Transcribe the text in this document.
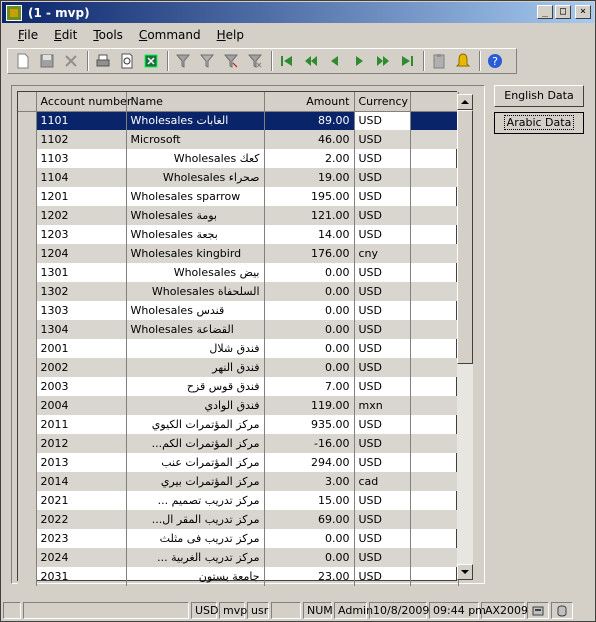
(1 - mvp)	_	□	×
File	Edit	Tools	Command	Help
?
	Account number	Name	Amount	Currency	
	1101	Wholesales الغابات	89.00	USD	
	1102	Microsoft	46.00	USD	
	1103	كعك Wholesales	2.00	USD	
	1104	صحراء Wholesales	19.00	USD	
	1201	Wholesales sparrow	195.00	USD	
	1202	Wholesales بومة	121.00	USD	
	1203	Wholesales بجعة	14.00	USD	
	1204	Wholesales kingbird	176.00	cny	
	1301	بيض Wholesales	0.00	USD	
	1302	السلحفاة Wholesales	0.00	USD	
	1303	Wholesales قندس	0.00	USD	
	1304	Wholesales القضاعة	0.00	USD	
	2001	فندق شلال	0.00	USD	
	2002	فندق النهر	0.00	USD	
	2003	فندق قوس قزح	7.00	USD	
	2004	فندق الوادي	119.00	mxn	
	2011	مركز المؤتمرات الكيوي	935.00	USD	
	2012	مركز المؤتمرات الكم...	-16.00	USD	
	2013	مركز المؤتمرات عنب	294.00	USD	
	2014	مركز المؤتمرات بيري	3.00	cad	
	2021	مركز تدريب تصميم ...	15.00	USD	
	2022	مركز تدريب المقر ال...	69.00	USD	
	2023	مركز تدريب فى مثلث	0.00	USD	
	2024	مركز تدريب الغربية ...	0.00	USD	
	2031	جامعة بستون	23.00	USD	
English Data
Arabic Data
USD mvp usr	NUM Admin 10/8/2009 09:44 pm AX2009
